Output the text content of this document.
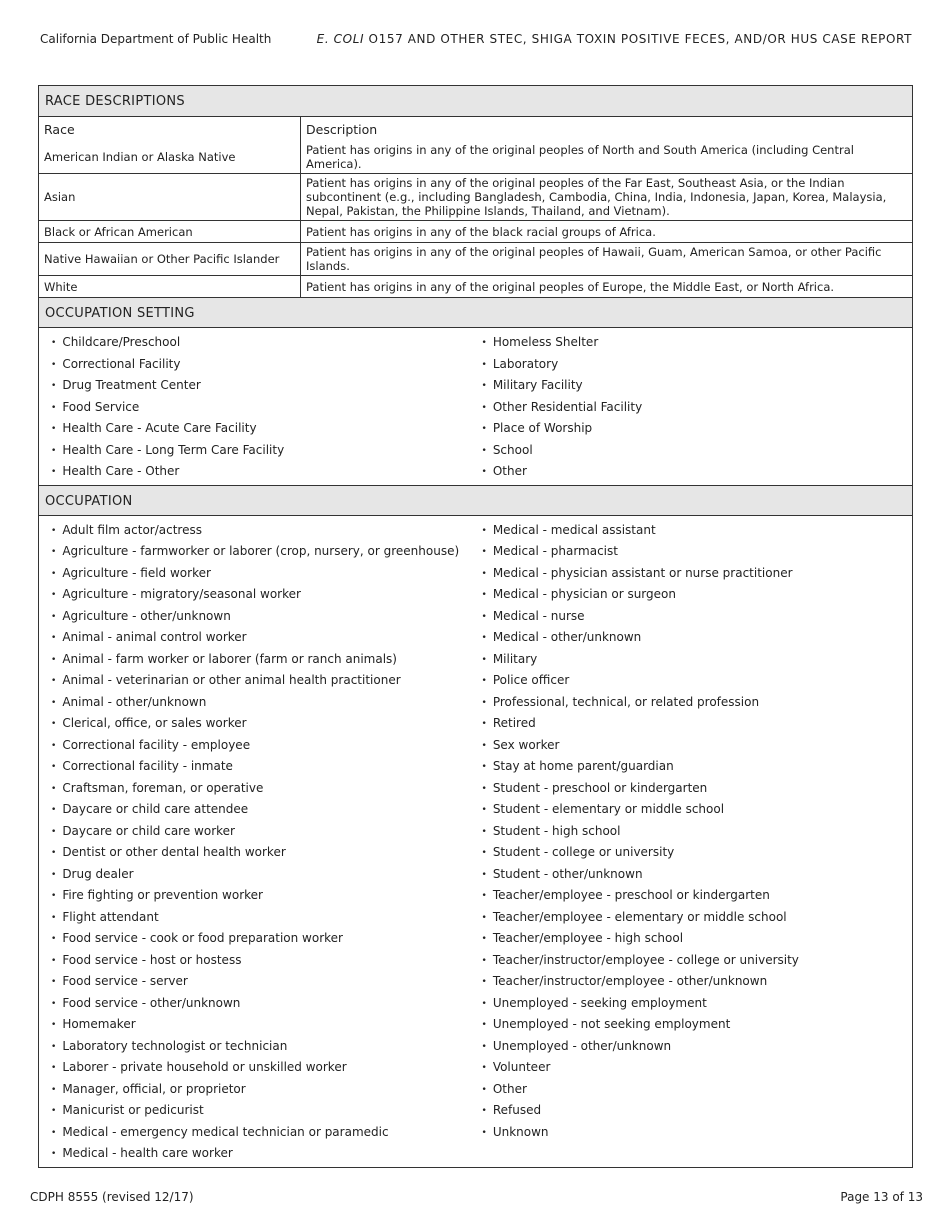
California Department of Public Health	E. COLI O157 AND OTHER STEC, SHIGA TOXIN POSITIVE FECES, AND/OR HUS CASE REPORT
RACE DESCRIPTIONS
Race	Description
American Indian or Alaska Native	Patient has origins in any of the original peoples of North and South America (including Central America).
Asian	Patient has origins in any of the original peoples of the Far East, Southeast Asia, or the Indian subcontinent (e.g., including Bangladesh, Cambodia, China, India, Indonesia, Japan, Korea, Malaysia, Nepal, Pakistan, the Philippine Islands, Thailand, and Vietnam).
Black or African American	Patient has origins in any of the black racial groups of Africa.
Native Hawaiian or Other Pacific Islander	Patient has origins in any of the original peoples of Hawaii, Guam, American Samoa, or other Pacific Islands.
White	Patient has origins in any of the original peoples of Europe, the Middle East, or North Africa.
OCCUPATION SETTING
• Childcare/Preschool
• Correctional Facility
• Drug Treatment Center
• Food Service
• Health Care - Acute Care Facility
• Health Care - Long Term Care Facility
• Health Care - Other
• Homeless Shelter
• Laboratory
• Military Facility
• Other Residential Facility
• Place of Worship
• School
• Other
OCCUPATION
• Adult film actor/actress
• Agriculture - farmworker or laborer (crop, nursery, or greenhouse)
• Agriculture - field worker
• Agriculture - migratory/seasonal worker
• Agriculture - other/unknown
• Animal - animal control worker
• Animal - farm worker or laborer (farm or ranch animals)
• Animal - veterinarian or other animal health practitioner
• Animal - other/unknown
• Clerical, office, or sales worker
• Correctional facility - employee
• Correctional facility - inmate
• Craftsman, foreman, or operative
• Daycare or child care attendee
• Daycare or child care worker
• Dentist or other dental health worker
• Drug dealer
• Fire fighting or prevention worker
• Flight attendant
• Food service - cook or food preparation worker
• Food service - host or hostess
• Food service - server
• Food service - other/unknown
• Homemaker
• Laboratory technologist or technician
• Laborer - private household or unskilled worker
• Manager, official, or proprietor
• Manicurist or pedicurist
• Medical - emergency medical technician or paramedic
• Medical - health care worker
• Medical - medical assistant
• Medical - pharmacist
• Medical - physician assistant or nurse practitioner
• Medical - physician or surgeon
• Medical - nurse
• Medical - other/unknown
• Military
• Police officer
• Professional, technical, or related profession
• Retired
• Sex worker
• Stay at home parent/guardian
• Student - preschool or kindergarten
• Student - elementary or middle school
• Student - high school
• Student - college or university
• Student - other/unknown
• Teacher/employee - preschool or kindergarten
• Teacher/employee - elementary or middle school
• Teacher/employee - high school
• Teacher/instructor/employee - college or university
• Teacher/instructor/employee - other/unknown
• Unemployed - seeking employment
• Unemployed - not seeking employment
• Unemployed - other/unknown
• Volunteer
• Other
• Refused
• Unknown
CDPH 8555 (revised 12/17)	Page 13 of 13
